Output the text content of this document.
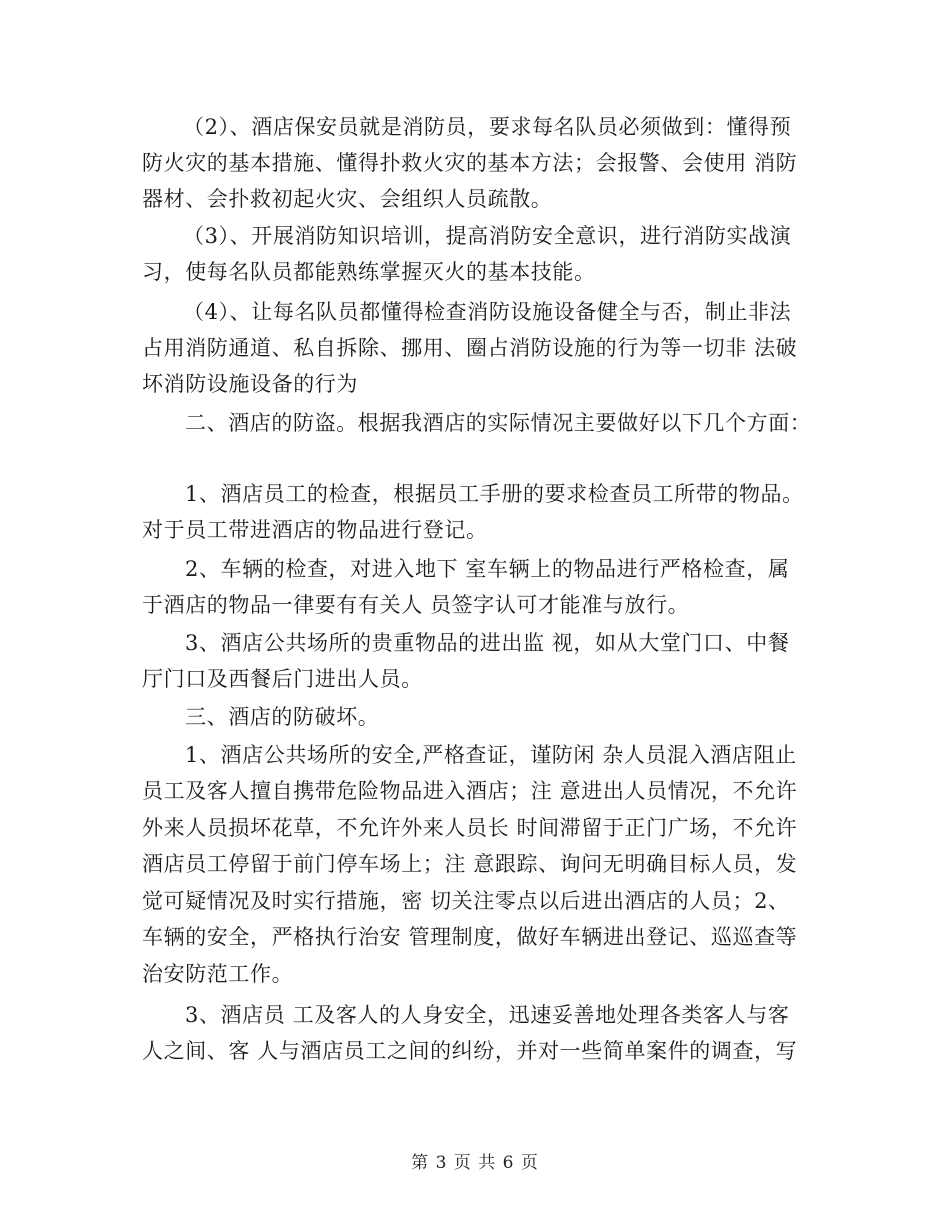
（2）、酒店保安员就是消防员，要求每名队员必须做到：懂得预
防火灾的基本措施、懂得扑救火灾的基本方法；会报警、会使用 消防
器材、会扑救初起火灾、会组织人员疏散。
（3）、开展消防知识培训，提高消防安全意识，进行消防实战演
习，使每名队员都能熟练掌握灭火的基本技能。
（4）、让每名队员都懂得检查消防设施设备健全与否，制止非法
占用消防通道、私自拆除、挪用、圈占消防设施的行为等一切非 法破
坏消防设施设备的行为
二、酒店的防盗。根据我酒店的实际情况主要做好以下几个方面：
1、酒店员工的检查，根据员工手册的要求检查员工所带的物品。
对于员工带进酒店的物品进行登记。
2、车辆的检查，对进入地下 室车辆上的物品进行严格检查，属
于酒店的物品一律要有有关人 员签字认可才能准与放行。
3、酒店公共场所的贵重物品的进出监 视，如从大堂门口、中餐
厅门口及西餐后门进出人员。
三、酒店的防破坏。
1、酒店公共场所的安全,严格查证，谨防闲 杂人员混入酒店阻止
员工及客人擅自携带危险物品进入酒店；注 意进出人员情况，不允许
外来人员损坏花草，不允许外来人员长 时间滞留于正门广场，不允许
酒店员工停留于前门停车场上；注 意跟踪、询问无明确目标人员，发
觉可疑情况及时实行措施，密 切关注零点以后进出酒店的人员；2、
车辆的安全，严格执行治安 管理制度，做好车辆进出登记、巡巡查等
治安防范工作。
3、酒店员 工及客人的人身安全，迅速妥善地处理各类客人与客
人之间、客 人与酒店员工之间的纠纷，并对一些简单案件的调查，写
第 3 页 共 6 页
